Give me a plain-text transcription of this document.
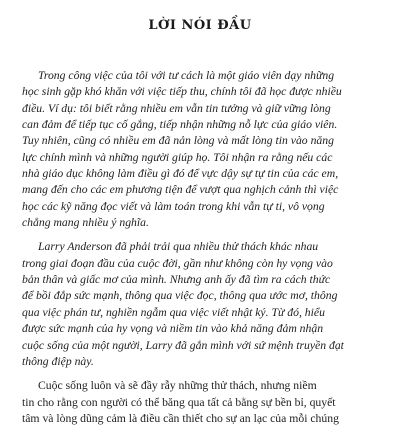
LỜI NÓI ĐẦU
Trong công việc của tôi với tư cách là một giáo viên dạy những
học sinh gặp khó khăn với việc tiếp thu, chính tôi đã học được nhiều
điều. Ví dụ: tôi biết rằng nhiều em vẫn tin tưởng và giữ vững lòng
can đảm để tiếp tục cố gắng, tiếp nhận những nỗ lực của giáo viên.
Tuy nhiên, cũng có nhiều em đã nản lòng và mất lòng tin vào năng
lực chính mình và những người giúp họ. Tôi nhận ra rằng nếu các
nhà giáo dục không làm điều gì đó để vực dậy sự tự tin của các em,
mang đến cho các em phương tiện để vượt qua nghịch cảnh thì việc
học các kỹ năng đọc viết và làm toán trong khi vẫn tự ti, vô vọng
chẳng mang nhiều ý nghĩa.
Larry Anderson đã phải trải qua nhiều thử thách khác nhau
trong giai đoạn đầu của cuộc đời, gần như không còn hy vọng vào
bản thân và giấc mơ của mình. Nhưng anh ấy đã tìm ra cách thức
để bồi đắp sức mạnh, thông qua việc đọc, thông qua ước mơ, thông
qua việc phán tư, nghiền ngẫm qua việc viết nhật ký. Từ đó, hiểu
được sức mạnh của hy vọng và niềm tin vào khả năng đảm nhận
cuộc sống của một người, Larry đã gắn mình với sứ mệnh truyền đạt
thông điệp này.
Cuộc sống luôn và sẽ đầy rẫy những thử thách, nhưng niềm
tin cho rằng con người có thể băng qua tất cả bằng sự bền bỉ, quyết
tâm và lòng dũng cảm là điều cần thiết cho sự an lạc của mỗi chúng
